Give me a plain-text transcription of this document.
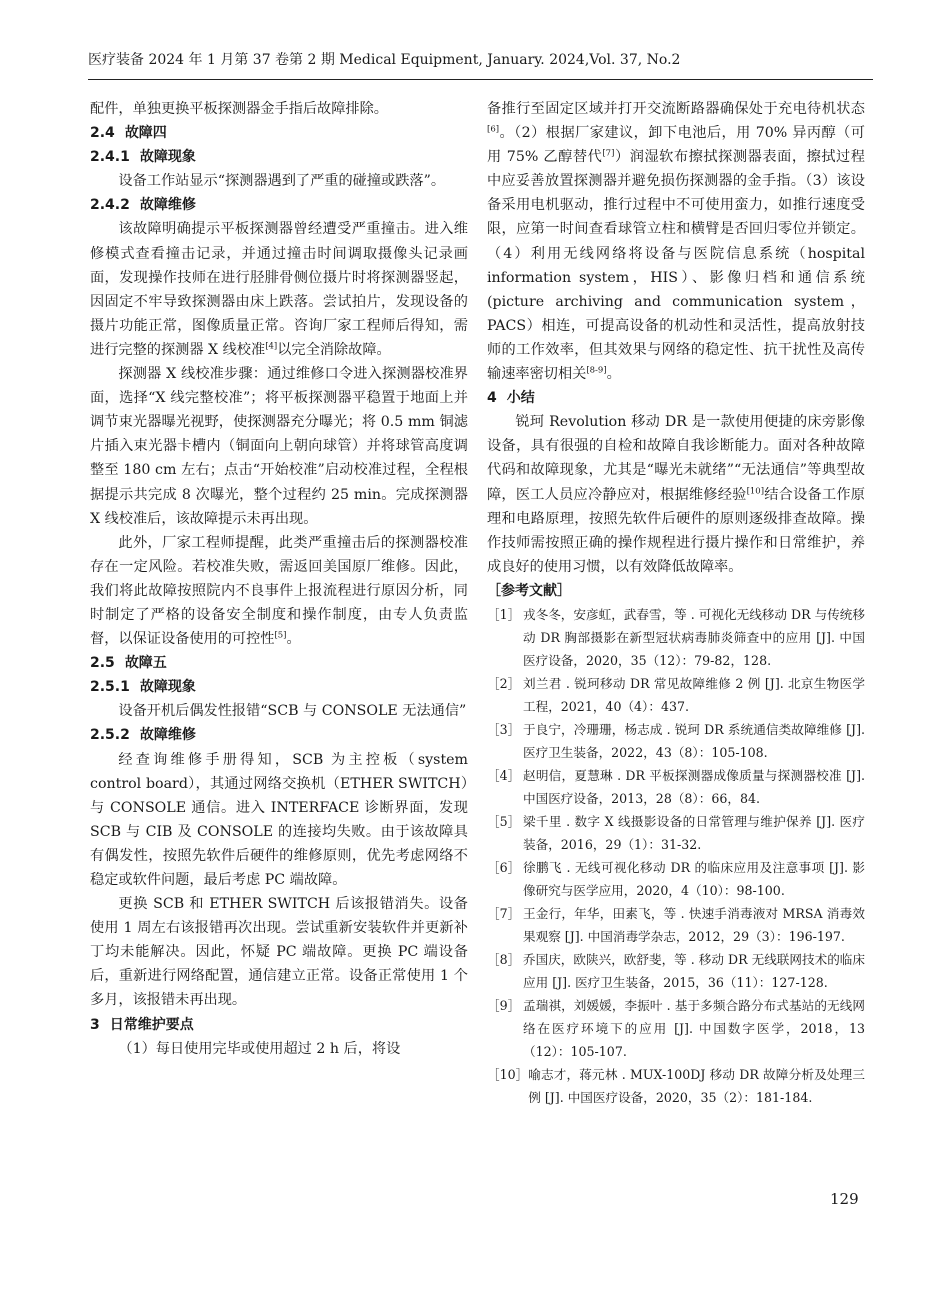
医疗装备 2024 年 1 月第 37 卷第 2 期 Medical Equipment, January. 2024,Vol. 37, No.2

配件，单独更换平板探测器金手指后故障排除。

2.4 故障四
2.4.1 故障现象

设备工作站显示“探测器遇到了严重的碰撞或跌落”。

2.4.2 故障维修

该故障明确提示平板探测器曾经遭受严重撞击。进入维修模式查看撞击记录，并通过撞击时间调取摄像头记录画面，发现操作技师在进行胫腓骨侧位摄片时将探测器竖起，因固定不牢导致探测器由床上跌落。尝试拍片，发现设备的摄片功能正常，图像质量正常。咨询厂家工程师后得知，需进行完整的探测器 X 线校准[4]以完全消除故障。

探测器 X 线校准步骤：通过维修口令进入探测器校准界面，选择“X 线完整校准”；将平板探测器平稳置于地面上并调节束光器曝光视野，使探测器充分曝光；将 0.5 mm 铜滤片插入束光器卡槽内（铜面向上朝向球管）并将球管高度调整至 180 cm 左右；点击“开始校准”启动校准过程，全程根据提示共完成 8 次曝光，整个过程约 25 min。完成探测器 X 线校准后，该故障提示未再出现。

此外，厂家工程师提醒，此类严重撞击后的探测器校准存在一定风险。若校准失败，需返回美国原厂维修。因此，我们将此故障按照院内不良事件上报流程进行原因分析，同时制定了严格的设备安全制度和操作制度，由专人负责监督，以保证设备使用的可控性[5]。

2.5 故障五
2.5.1 故障现象

设备开机后偶发性报错“SCB 与 CONSOLE 无法通信”

2.5.2 故障维修

经查询维修手册得知，SCB 为主控板（system control board），其通过网络交换机（ETHER SWITCH）与 CONSOLE 通信。进入 INTERFACE 诊断界面，发现 SCB 与 CIB 及 CONSOLE 的连接均失败。由于该故障具有偶发性，按照先软件后硬件的维修原则，优先考虑网络不稳定或软件问题，最后考虑 PC 端故障。

更换 SCB 和 ETHER SWITCH 后该报错消失。设备使用 1 周左右该报错再次出现。尝试重新安装软件并更新补丁均未能解决。因此，怀疑 PC 端故障。更换 PC 端设备后，重新进行网络配置，通信建立正常。设备正常使用 1 个多月，该报错未再出现。

3 日常维护要点

（1）每日使用完毕或使用超过 2 h 后，将设

备推行至固定区域并打开交流断路器确保处于充电待机状态[6]。（2）根据厂家建议，卸下电池后，用 70% 异丙醇（可用 75% 乙醇替代[7]）润湿软布擦拭探测器表面，擦拭过程中应妥善放置探测器并避免损伤探测器的金手指。（3）该设备采用电机驱动，推行过程中不可使用蛮力，如推行速度受限，应第一时间查看球管立柱和横臂是否回归零位并锁定。（4）利用无线网络将设备与医院信息系统（hospital information system，HIS）、影像归档和通信系统(picture archiving and communication system，PACS）相连，可提高设备的机动性和灵活性，提高放射技师的工作效率，但其效果与网络的稳定性、抗干扰性及高传输速率密切相关[8-9]。

4 小结

锐珂 Revolution 移动 DR 是一款使用便捷的床旁影像设备，具有很强的自检和故障自我诊断能力。面对各种故障代码和故障现象，尤其是“曝光未就绪”“无法通信”等典型故障，医工人员应冷静应对，根据维修经验[10]结合设备工作原理和电路原理，按照先软件后硬件的原则逐级排查故障。操作技师需按照正确的操作规程进行摄片操作和日常维护，养成良好的使用习惯，以有效降低故障率。

［参考文献］
［1］ 戎冬冬，安彦虹，武春雪，等 . 可视化无线移动 DR 与传统移动 DR 胸部摄影在新型冠状病毒肺炎筛查中的应用 [J]. 中国医疗设备，2020，35（12）：79-82，128.
［2］ 刘兰君 . 锐珂移动 DR 常见故障维修 2 例 [J]. 北京生物医学工程，2021，40（4）：437.
［3］ 于良宁，冷珊珊，杨志成 . 锐珂 DR 系统通信类故障维修 [J]. 医疗卫生装备，2022，43（8）：105-108.
［4］ 赵明信，夏慧琳 . DR 平板探测器成像质量与探测器校准 [J]. 中国医疗设备，2013，28（8）：66，84.
［5］ 梁千里 . 数字 X 线摄影设备的日常管理与维护保养 [J]. 医疗装备，2016，29（1）：31-32.
［6］ 徐鹏飞 . 无线可视化移动 DR 的临床应用及注意事项 [J]. 影像研究与医学应用，2020，4（10）：98-100.
［7］ 王金行，年华，田素飞，等 . 快速手消毒液对 MRSA 消毒效果观察 [J]. 中国消毒学杂志，2012，29（3）：196-197.
［8］ 乔国庆，欧陕兴，欧舒斐，等 . 移动 DR 无线联网技术的临床应用 [J]. 医疗卫生装备，2015，36（11）：127-128.
［9］ 孟瑞祺，刘媛媛，李振叶 . 基于多频合路分布式基站的无线网络在医疗环境下的应用 [J]. 中国数字医学，2018，13（12）：105-107.
［10］ 喻志才，蒋元林 . MUX-100DJ 移动 DR 故障分析及处理三例 [J]. 中国医疗设备，2020，35（2）：181-184.
129
